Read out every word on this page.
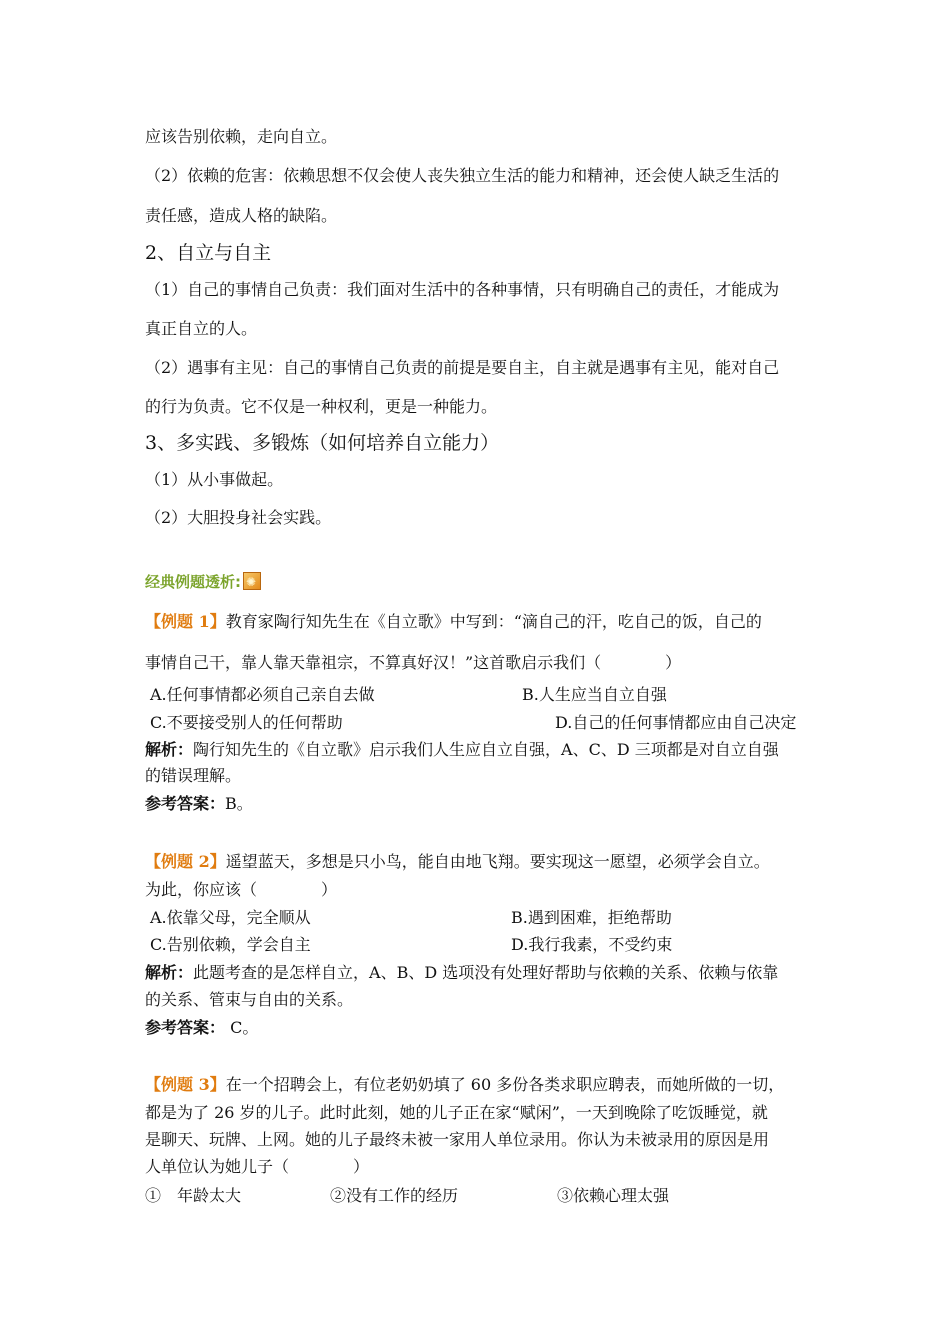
应该告别依赖，走向自立。
（2）依赖的危害：依赖思想不仅会使人丧失独立生活的能力和精神，还会使人缺乏生活的
责任感，造成人格的缺陷。
2、自立与自主
（1）自己的事情自己负责：我们面对生活中的各种事情，只有明确自己的责任，才能成为
真正自立的人。
（2）遇事有主见：自己的事情自己负责的前提是要自主，自主就是遇事有主见，能对自己
的行为负责。它不仅是一种权利，更是一种能力。
3、多实践、多锻炼（如何培养自立能力）
（1）从小事做起。
（2）大胆投身社会实践。
经典例题透析:✺
【例题 1】教育家陶行知先生在《自立歌》中写到：“滴自己的汗，吃自己的饭，自己的
事情自己干，靠人靠天靠祖宗，不算真好汉！”这首歌启示我们（　　　　）
A.任何事情都必须自己亲自去做	B.人生应当自立自强
C.不要接受别人的任何帮助	D.自己的任何事情都应由自己决定
解析：陶行知先生的《自立歌》启示我们人生应自立自强，A、C、D 三项都是对自立自强
的错误理解。
参考答案：B。
【例题 2】遥望蓝天，多想是只小鸟，能自由地飞翔。要实现这一愿望，必须学会自立。
为此，你应该（　　　　）
A.依靠父母，完全顺从	B.遇到困难，拒绝帮助
C.告别依赖，学会自主	D.我行我素，不受约束
解析：此题考查的是怎样自立，A、B、D 选项没有处理好帮助与依赖的关系、依赖与依靠
的关系、管束与自由的关系。
参考答案： C。
【例题 3】在一个招聘会上，有位老奶奶填了 60 多份各类求职应聘表，而她所做的一切，
都是为了 26 岁的儿子。此时此刻，她的儿子正在家“赋闲”，一天到晚除了吃饭睡觉，就
是聊天、玩牌、上网。她的儿子最终未被一家用人单位录用。你认为未被录用的原因是用
人单位认为她儿子（　　　　）
①　年龄太大	②没有工作的经历	③依赖心理太强
